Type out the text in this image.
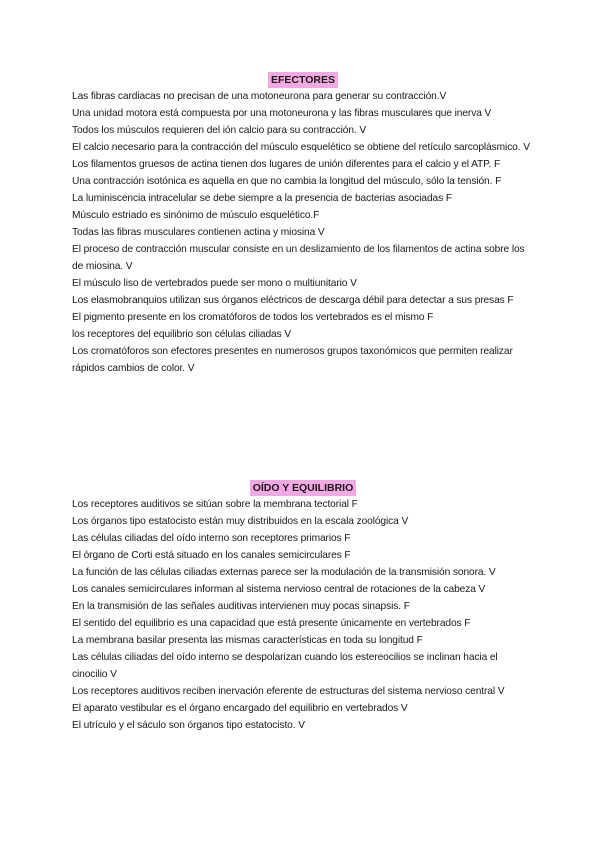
EFECTORES
Las fibras cardiacas no precisan de una motoneurona para generar su contracción.V
Una unidad motora está compuesta por una motoneurona y las fibras musculares que inerva V
Todos los músculos requieren del ión calcio para su contracción. V
El calcio necesario para la contracción del músculo esquelético se obtiene del retículo sarcoplásmico. V
Los filamentos gruesos de actina tienen dos lugares de unión diferentes para el calcio y el ATP. F
Una contracción isotónica es aquella en que no cambia la longitud del músculo, sólo la tensión. F
La luminiscencia intracelular se debe siempre a la presencia de bacterias asociadas F
Músculo estriado es sinónimo de músculo esquelético.F
Todas las fibras musculares contienen actina y miosina V
El proceso de contracción muscular consiste en un deslizamiento de los filamentos de actina sobre los de miosina. V
El músculo liso de vertebrados puede ser mono o multiunitario V
Los elasmobranquios utilizan sus órganos eléctricos de descarga débil para detectar a sus presas F
El pigmento presente en los cromatóforos de todos los vertebrados es el mismo F
los receptores del equilibrio son células ciliadas V
Los cromatóforos son efectores presentes en numerosos grupos taxonómicos que permiten realizar rápidos cambios de color. V
OÍDO Y EQUILIBRIO
Los receptores auditivos se sitúan sobre la membrana tectorial F
Los órganos tipo estatocisto están muy distribuidos en la escala zoológica V
Las células ciliadas del oído interno son receptores primarios F
El órgano de Corti está situado en los canales semicirculares F
La función de las células ciliadas externas parece ser la modulación de la transmisión sonora. V
Los canales semicirculares informan al sistema nervioso central de rotaciones de la cabeza V
En la transmisión de las señales auditivas intervienen muy pocas sinapsis. F
El sentido del equilibrio es una capacidad que está presente únicamente en vertebrados F
La membrana basilar presenta las mismas características en toda su longitud F
Las células ciliadas del oído interno se despolarizan cuando los estereocilios se inclinan hacia el cinocilio V
Los receptores auditivos reciben inervación eferente de estructuras del sistema nervioso central V
El aparato vestibular es el órgano encargado del equilibrio en vertebrados V
El utrículo y el sáculo son órganos tipo estatocisto. V
